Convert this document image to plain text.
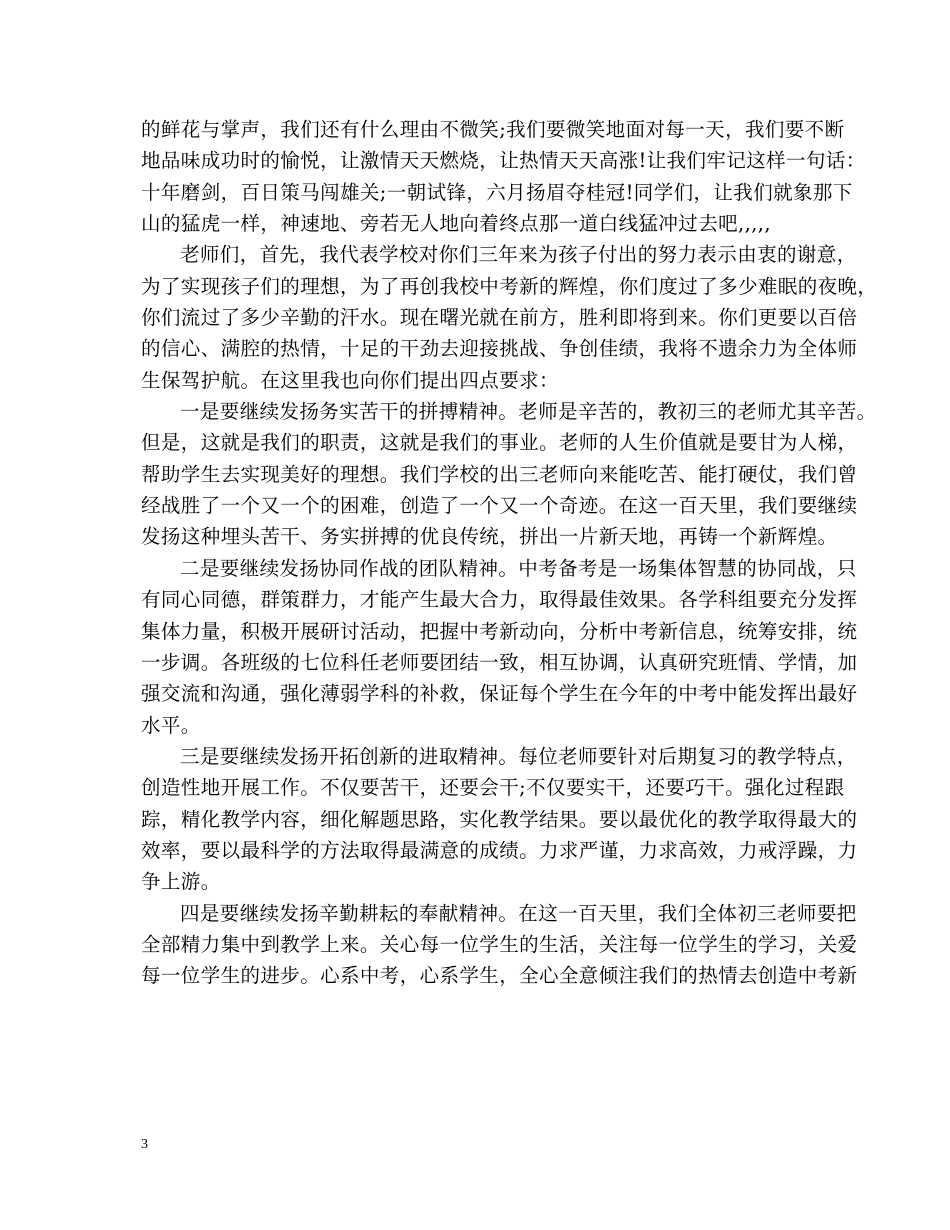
的鲜花与掌声，我们还有什么理由不微笑;我们要微笑地面对每一天，我们要不断
地品味成功时的愉悦，让激情天天燃烧，让热情天天高涨!让我们牢记这样一句话：
十年磨剑，百日策马闯雄关;一朝试锋，六月扬眉夺桂冠!同学们，让我们就象那下
山的猛虎一样，神速地、旁若无人地向着终点那一道白线猛冲过去吧,,,,,
老师们，首先，我代表学校对你们三年来为孩子付出的努力表示由衷的谢意，
为了实现孩子们的理想，为了再创我校中考新的辉煌，你们度过了多少难眠的夜晚，
你们流过了多少辛勤的汗水。现在曙光就在前方，胜利即将到来。你们更要以百倍
的信心、满腔的热情，十足的干劲去迎接挑战、争创佳绩，我将不遗余力为全体师
生保驾护航。在这里我也向你们提出四点要求：
一是要继续发扬务实苦干的拼搏精神。老师是辛苦的，教初三的老师尤其辛苦。
但是，这就是我们的职责，这就是我们的事业。老师的人生价值就是要甘为人梯，
帮助学生去实现美好的理想。我们学校的出三老师向来能吃苦、能打硬仗，我们曾
经战胜了一个又一个的困难，创造了一个又一个奇迹。在这一百天里，我们要继续
发扬这种埋头苦干、务实拼搏的优良传统，拼出一片新天地，再铸一个新辉煌。
二是要继续发扬协同作战的团队精神。中考备考是一场集体智慧的协同战，只
有同心同德，群策群力，才能产生最大合力，取得最佳效果。各学科组要充分发挥
集体力量，积极开展研讨活动，把握中考新动向，分析中考新信息，统筹安排，统
一步调。各班级的七位科任老师要团结一致，相互协调，认真研究班情、学情，加
强交流和沟通，强化薄弱学科的补救，保证每个学生在今年的中考中能发挥出最好
水平。
三是要继续发扬开拓创新的进取精神。每位老师要针对后期复习的教学特点，
创造性地开展工作。不仅要苦干，还要会干;不仅要实干，还要巧干。强化过程跟
踪，精化教学内容，细化解题思路，实化教学结果。要以最优化的教学取得最大的
效率，要以最科学的方法取得最满意的成绩。力求严谨，力求高效，力戒浮躁，力
争上游。
四是要继续发扬辛勤耕耘的奉献精神。在这一百天里，我们全体初三老师要把
全部精力集中到教学上来。关心每一位学生的生活，关注每一位学生的学习，关爱
每一位学生的进步。心系中考，心系学生，全心全意倾注我们的热情去创造中考新
3
